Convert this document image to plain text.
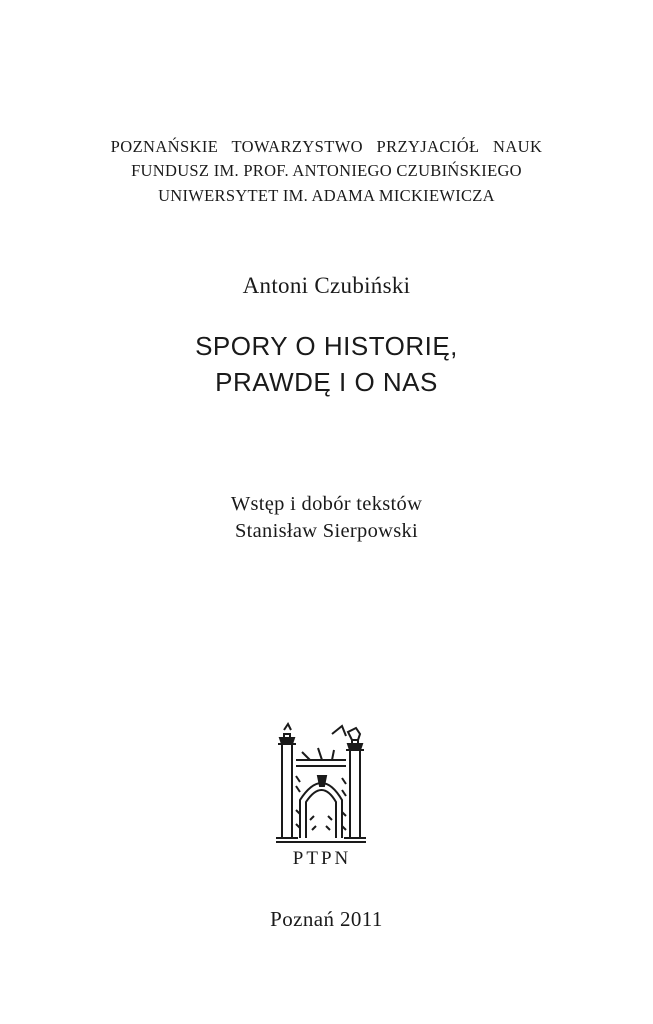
POZNAŃSKIE TOWARZYSTWO PRZYJACIÓŁ NAUK
FUNDUSZ IM. PROF. ANTONIEGO CZUBIŃSKIEGO
UNIWERSYTET IM. ADAMA MICKIEWICZA
Antoni Czubiński
SPORY O HISTORIĘ,
PRAWDĘ I O NAS
Wstęp i dobór tekstów
Stanisław Sierpowski
PTPN
Poznań 2011
